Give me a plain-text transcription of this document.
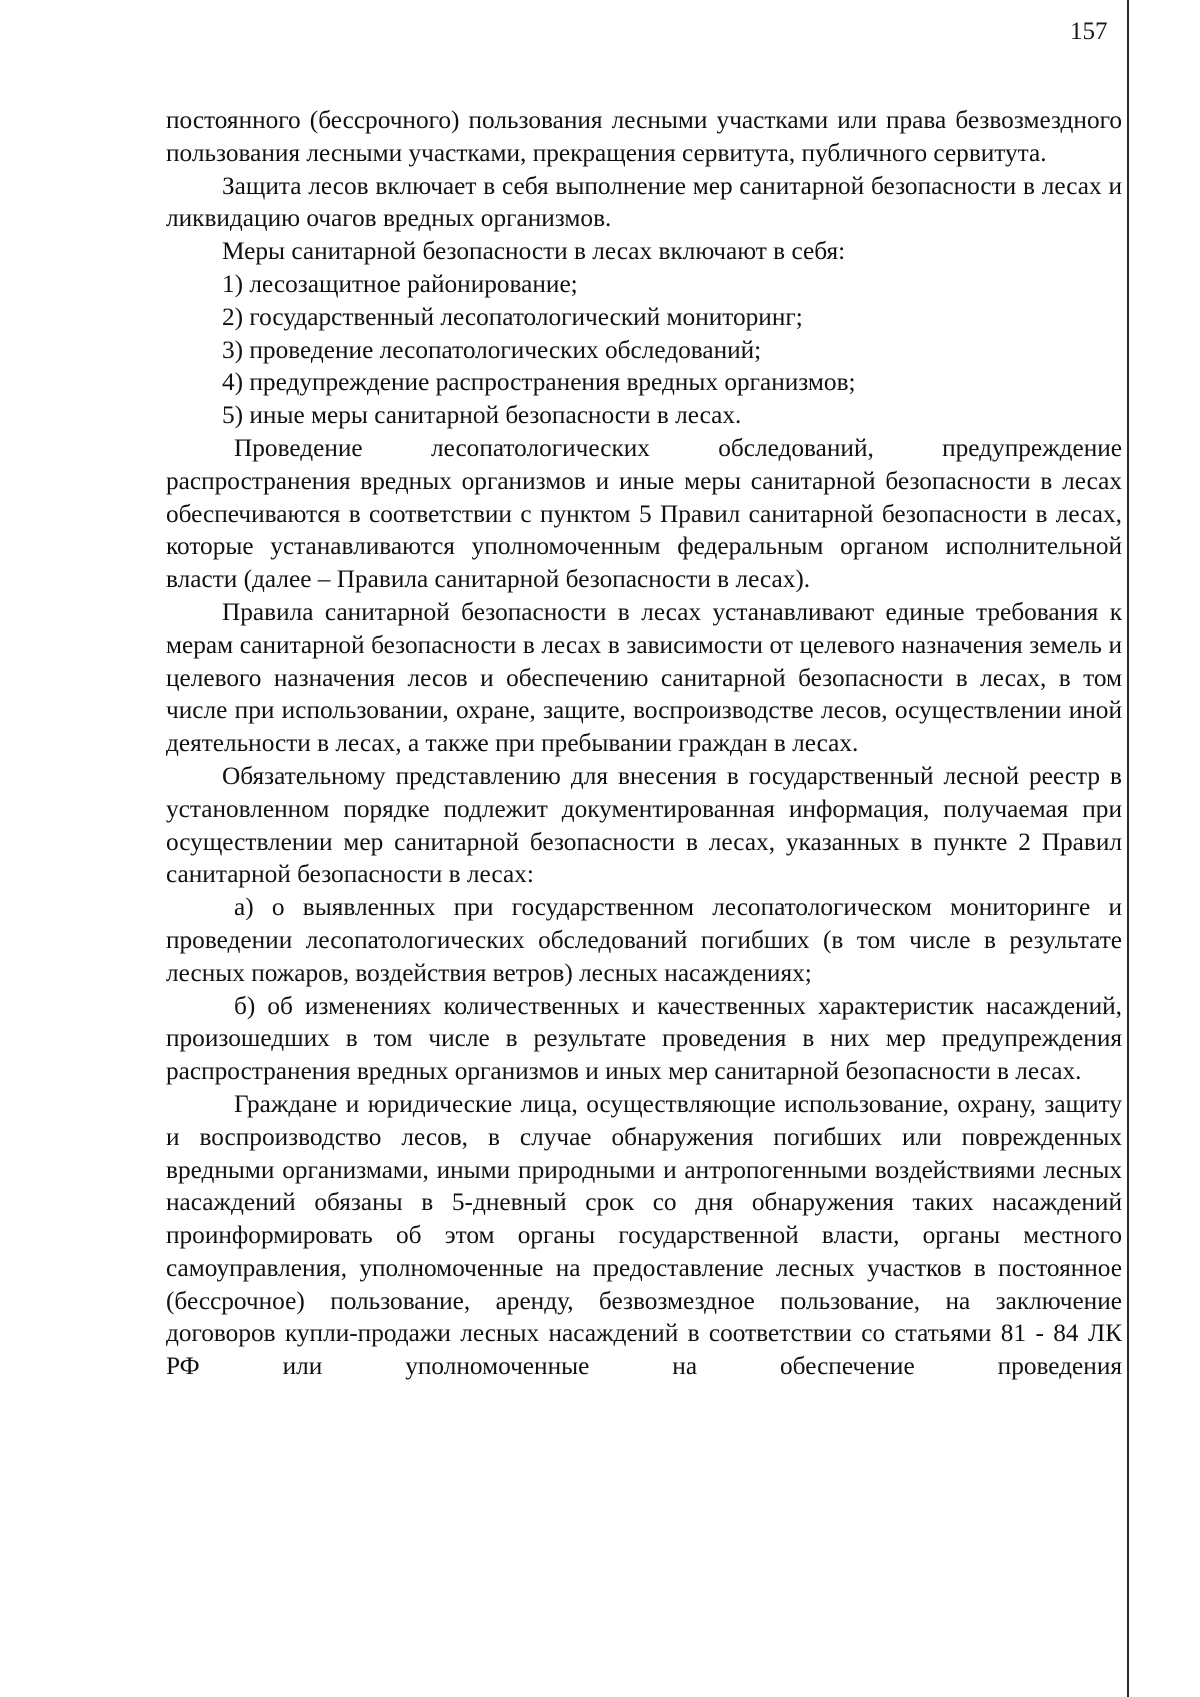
157

постоянного (бессрочного) пользования лесными участками или права безвозмездного пользования лесными участками, прекращения сервитута, публичного сервитута.

Защита лесов включает в себя выполнение мер санитарной безопасности в лесах и ликвидацию очагов вредных организмов.

Меры санитарной безопасности в лесах включают в себя:

1) лесозащитное районирование;

2) государственный лесопатологический мониторинг;

3) проведение лесопатологических обследований;

4) предупреждение распространения вредных организмов;

5) иные меры санитарной безопасности в лесах.

Проведение лесопатологических обследований, предупреждение распространения вредных организмов и иные меры санитарной безопасности в лесах обеспечиваются в соответствии с пунктом 5 Правил санитарной безопасности в лесах, которые устанавливаются уполномоченным федеральным органом исполнительной власти (далее – Правила санитарной безопасности в лесах).

Правила санитарной безопасности в лесах устанавливают единые требования к мерам санитарной безопасности в лесах в зависимости от целевого назначения земель и целевого назначения лесов и обеспечению санитарной безопасности в лесах, в том числе при использовании, охране, защите, воспроизводстве лесов, осуществлении иной деятельности в лесах, а также при пребывании граждан в лесах.

Обязательному представлению для внесения в государственный лесной реестр в установленном порядке подлежит документированная информация, получаемая при осуществлении мер санитарной безопасности в лесах, указанных в пункте 2 Правил санитарной безопасности в лесах:

а) о выявленных при государственном лесопатологическом мониторинге и проведении лесопатологических обследований погибших (в том числе в результате лесных пожаров, воздействия ветров) лесных насаждениях;

б) об изменениях количественных и качественных характеристик насаждений, произошедших в том числе в результате проведения в них мер предупреждения распространения вредных организмов и иных мер санитарной безопасности в лесах.

Граждане и юридические лица, осуществляющие использование, охрану, защиту и воспроизводство лесов, в случае обнаружения погибших или поврежденных вредными организмами, иными природными и антропогенными воздействиями лесных насаждений обязаны в 5-дневный срок со дня обнаружения таких насаждений проинформировать об этом органы государственной власти, органы местного самоуправления, уполномоченные на предоставление лесных участков в постоянное (бессрочное) пользование, аренду, безвозмездное пользование, на заключение договоров купли-продажи лесных насаждений в соответствии со статьями 81 - 84 ЛК РФ или уполномоченные на обеспечение проведения
